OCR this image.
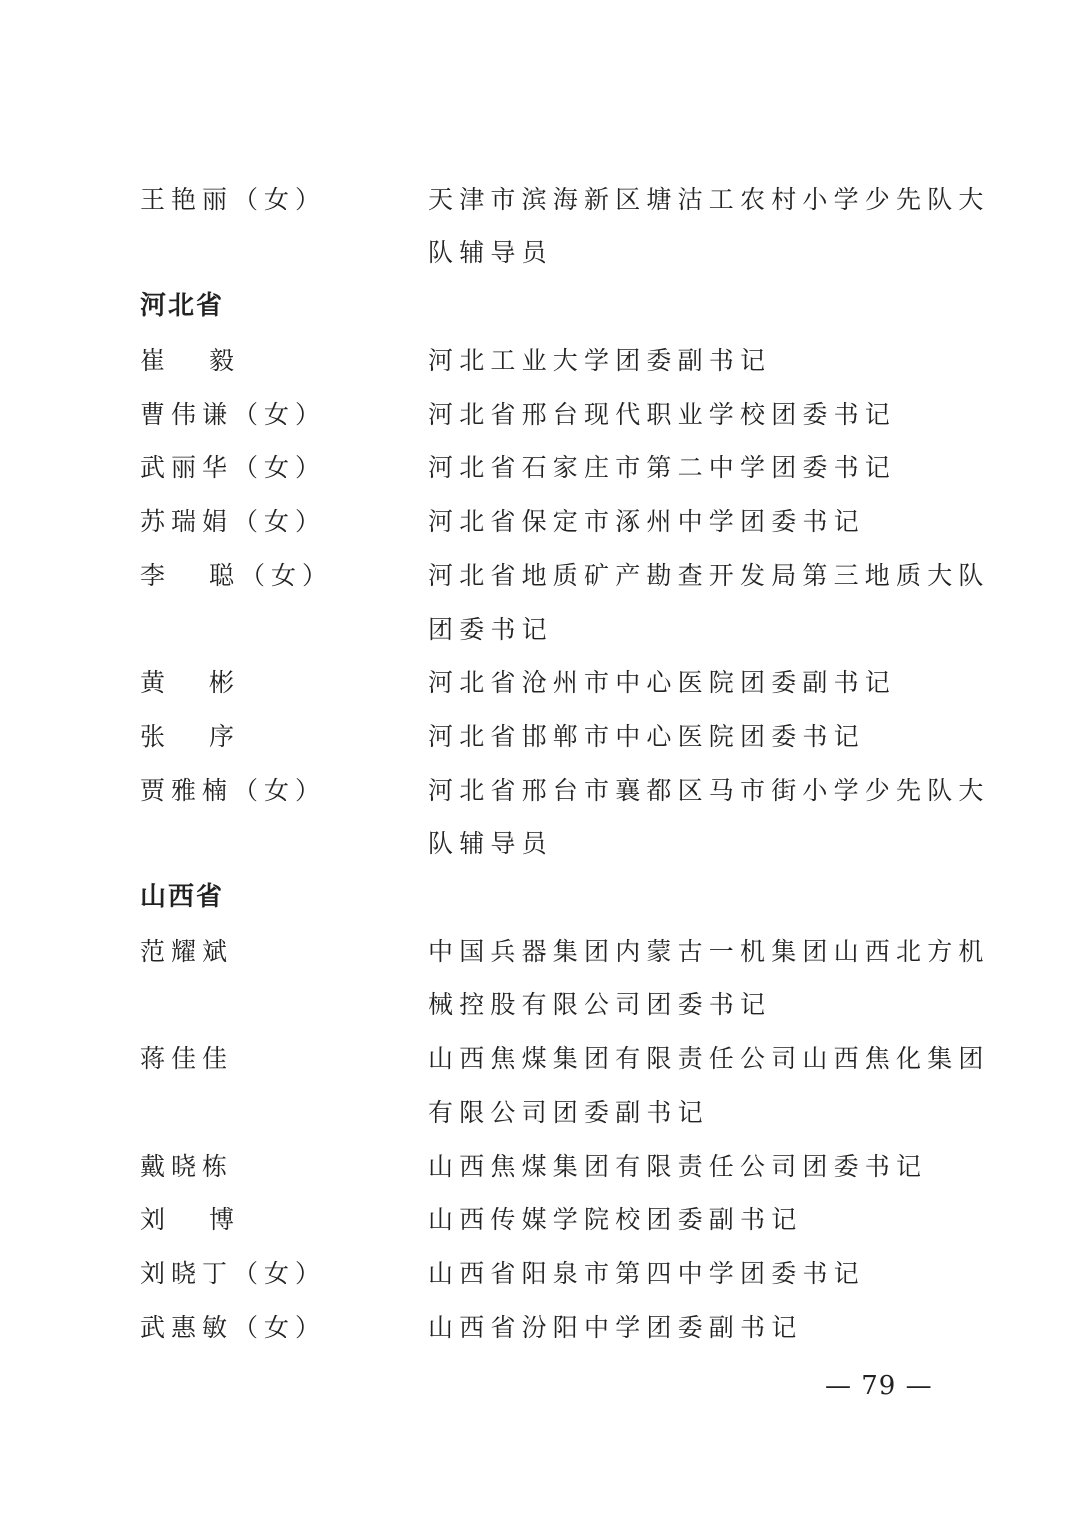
王艳丽（女）	天津市滨海新区塘沽工农村小学少先队大
队辅导员
河北省
崔 毅	河北工业大学团委副书记
曹伟谦（女）	河北省邢台现代职业学校团委书记
武丽华（女）	河北省石家庄市第二中学团委书记
苏瑞娟（女）	河北省保定市涿州中学团委书记
李 聪（女）	河北省地质矿产勘查开发局第三地质大队
团委书记
黄 彬	河北省沧州市中心医院团委副书记
张 序	河北省邯郸市中心医院团委书记
贾雅楠（女）	河北省邢台市襄都区马市街小学少先队大
队辅导员
山西省
范耀斌	中国兵器集团内蒙古一机集团山西北方机
械控股有限公司团委书记
蒋佳佳	山西焦煤集团有限责任公司山西焦化集团
有限公司团委副书记
戴晓栋	山西焦煤集团有限责任公司团委书记
刘 博	山西传媒学院校团委副书记
刘晓丁（女）	山西省阳泉市第四中学团委书记
武惠敏（女）	山西省汾阳中学团委副书记
— 79 —
